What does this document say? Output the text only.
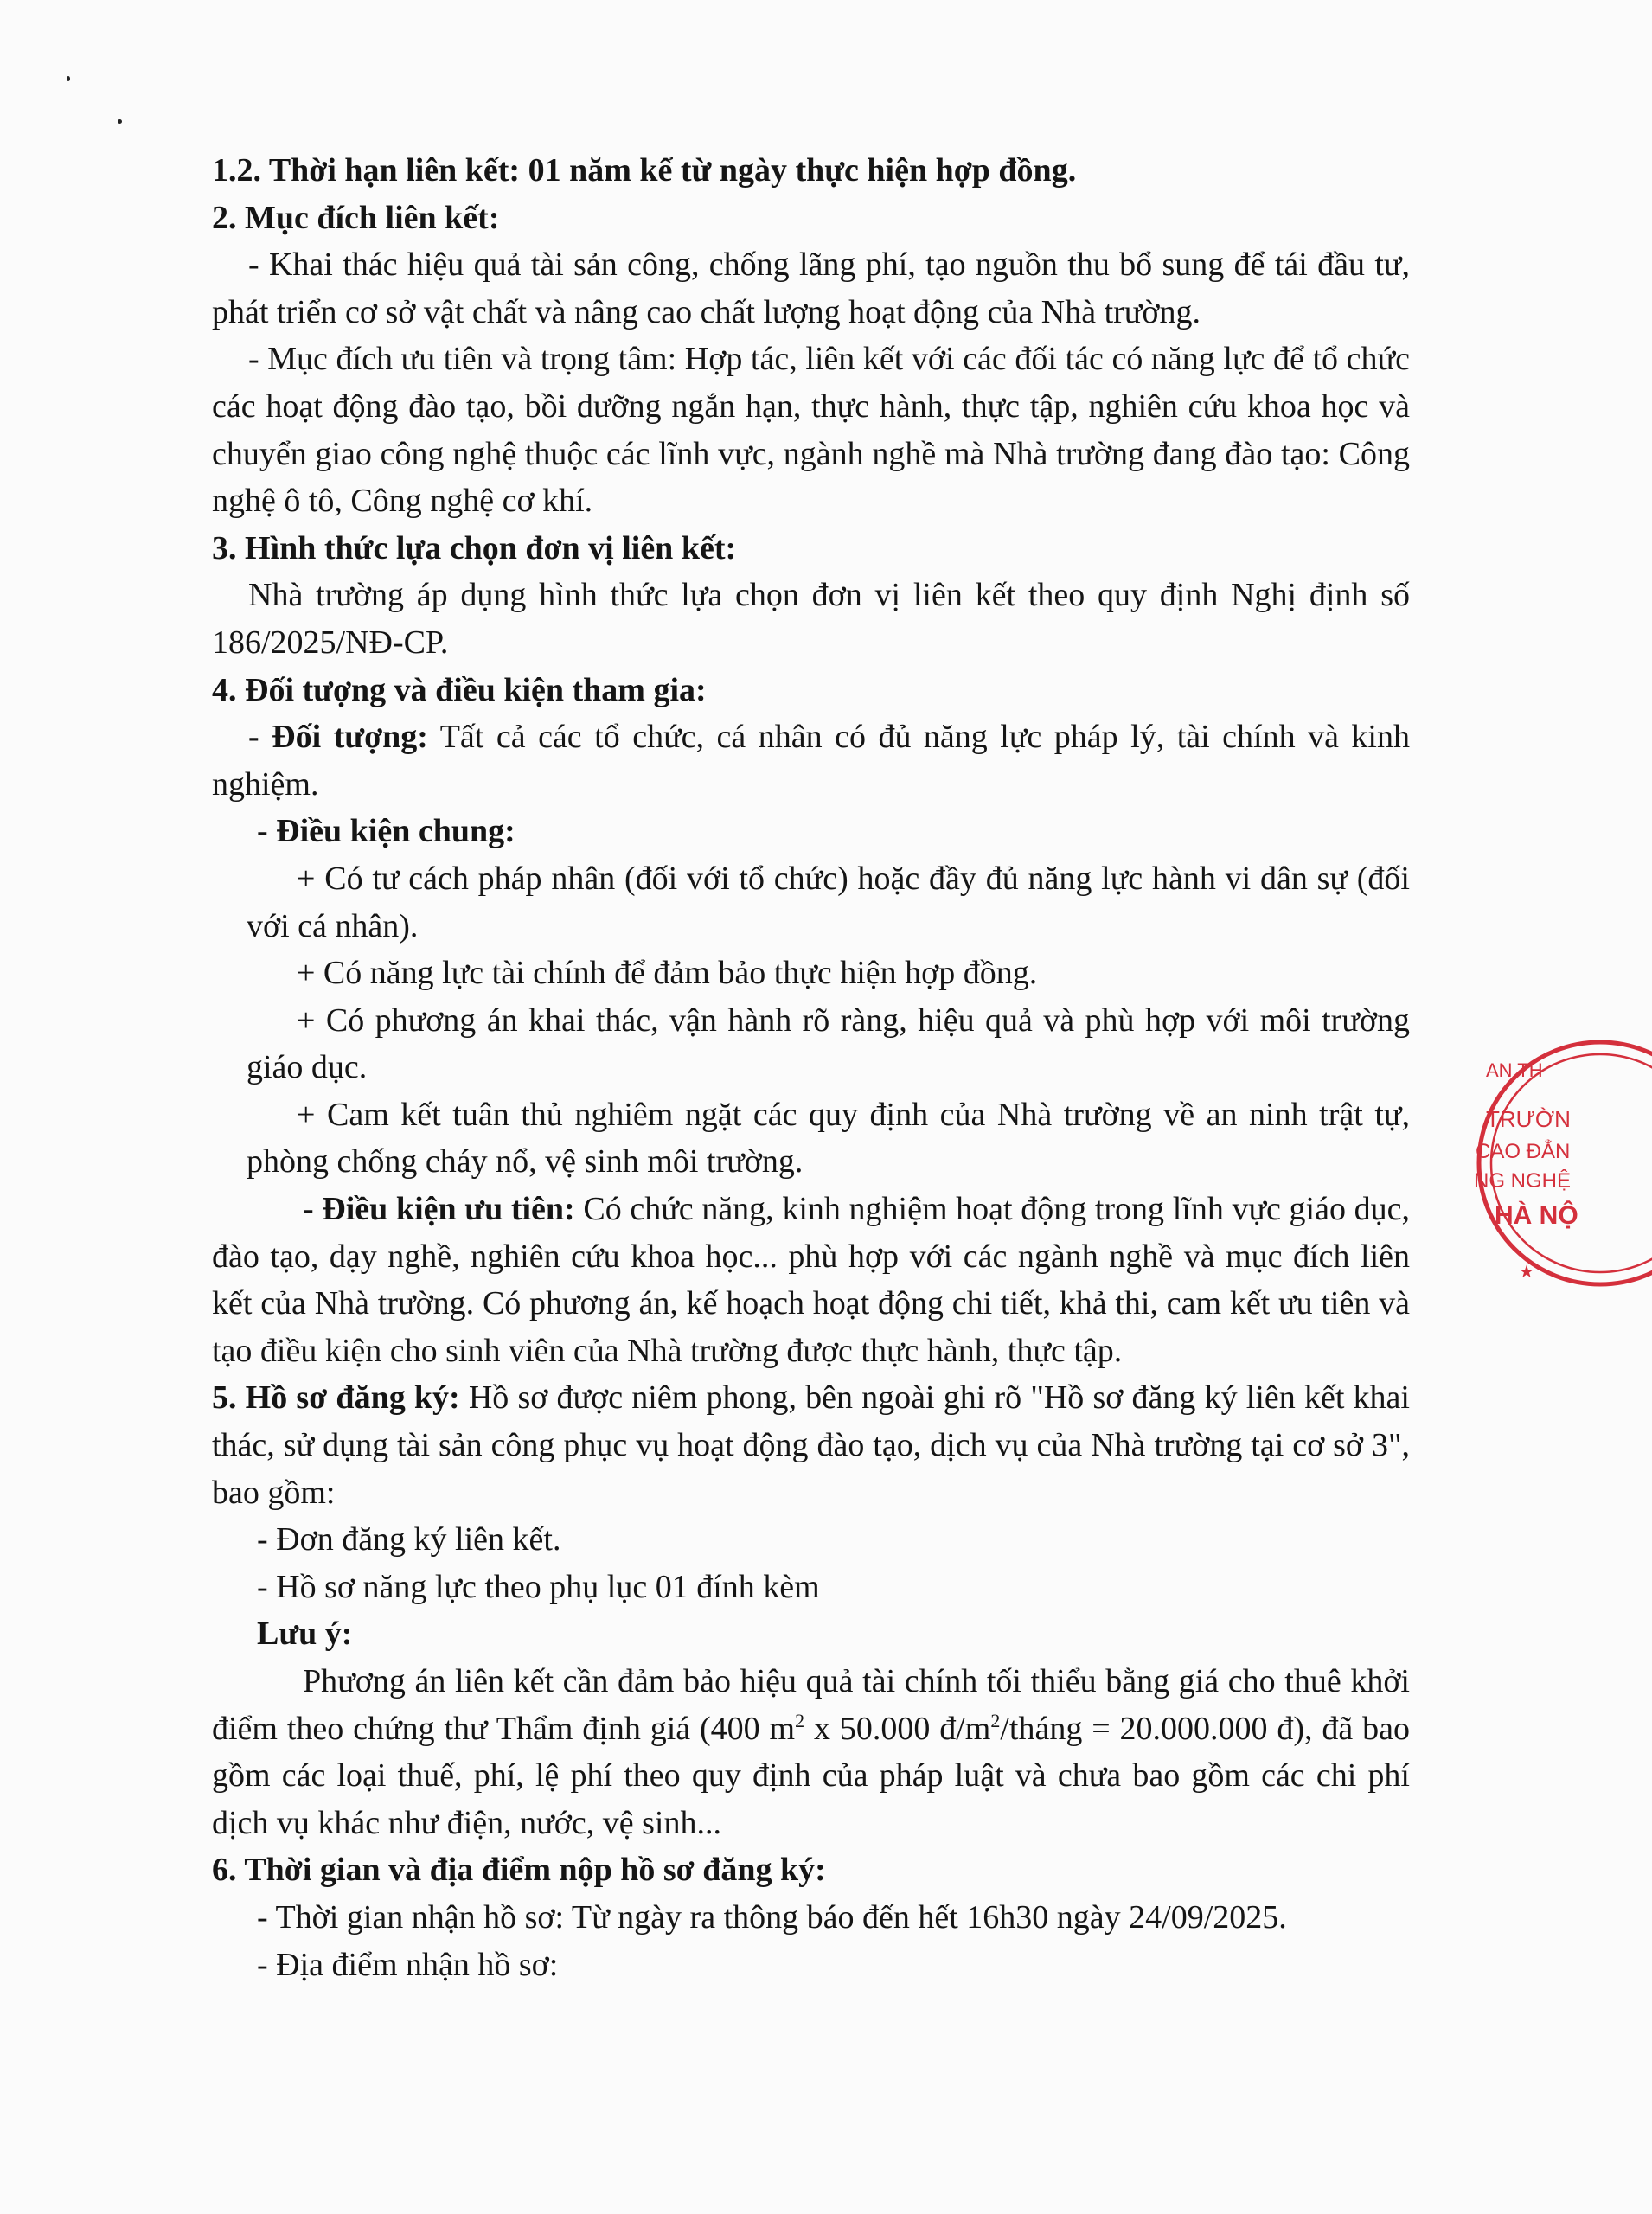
1.2. Thời hạn liên kết: 01 năm kể từ ngày thực hiện hợp đồng.

2. Mục đích liên kết:

- Khai thác hiệu quả tài sản công, chống lãng phí, tạo nguồn thu bổ sung để tái đầu tư, phát triển cơ sở vật chất và nâng cao chất lượng hoạt động của Nhà trường.

- Mục đích ưu tiên và trọng tâm: Hợp tác, liên kết với các đối tác có năng lực để tổ chức các hoạt động đào tạo, bồi dưỡng ngắn hạn, thực hành, thực tập, nghiên cứu khoa học và chuyển giao công nghệ thuộc các lĩnh vực, ngành nghề mà Nhà trường đang đào tạo: Công nghệ ô tô, Công nghệ cơ khí.

3. Hình thức lựa chọn đơn vị liên kết:

Nhà trường áp dụng hình thức lựa chọn đơn vị liên kết theo quy định Nghị định số 186/2025/NĐ-CP.

4. Đối tượng và điều kiện tham gia:

- Đối tượng: Tất cả các tổ chức, cá nhân có đủ năng lực pháp lý, tài chính và kinh nghiệm.

- Điều kiện chung:

+ Có tư cách pháp nhân (đối với tổ chức) hoặc đầy đủ năng lực hành vi dân sự (đối với cá nhân).

+ Có năng lực tài chính để đảm bảo thực hiện hợp đồng.

+ Có phương án khai thác, vận hành rõ ràng, hiệu quả và phù hợp với môi trường giáo dục.

+ Cam kết tuân thủ nghiêm ngặt các quy định của Nhà trường về an ninh trật tự, phòng chống cháy nổ, vệ sinh môi trường.

- Điều kiện ưu tiên: Có chức năng, kinh nghiệm hoạt động trong lĩnh vực giáo dục, đào tạo, dạy nghề, nghiên cứu khoa học... phù hợp với các ngành nghề và mục đích liên kết của Nhà trường. Có phương án, kế hoạch hoạt động chi tiết, khả thi, cam kết ưu tiên và tạo điều kiện cho sinh viên của Nhà trường được thực hành, thực tập.

5. Hồ sơ đăng ký: Hồ sơ được niêm phong, bên ngoài ghi rõ "Hồ sơ đăng ký liên kết khai thác, sử dụng tài sản công phục vụ hoạt động đào tạo, dịch vụ của Nhà trường tại cơ sở 3", bao gồm:

- Đơn đăng ký liên kết.

- Hồ sơ năng lực theo phụ lục 01 đính kèm

Lưu ý:

Phương án liên kết cần đảm bảo hiệu quả tài chính tối thiểu bằng giá cho thuê khởi điểm theo chứng thư Thẩm định giá (400 $m^2$ x 50.000 $đ/m^2$/tháng = 20.000.000 đ), đã bao gồm các loại thuế, phí, lệ phí theo quy định của pháp luật và chưa bao gồm các chi phí dịch vụ khác như điện, nước, vệ sinh...

6. Thời gian và địa điểm nộp hồ sơ đăng ký:

- Thời gian nhận hồ sơ: Từ ngày ra thông báo đến hết 16h30 ngày 24/09/2025.

- Địa điểm nhận hồ sơ:

AN TH
TRƯỜN
CAO ĐẲN
NG NGHỆ
HÀ NỘ
★
